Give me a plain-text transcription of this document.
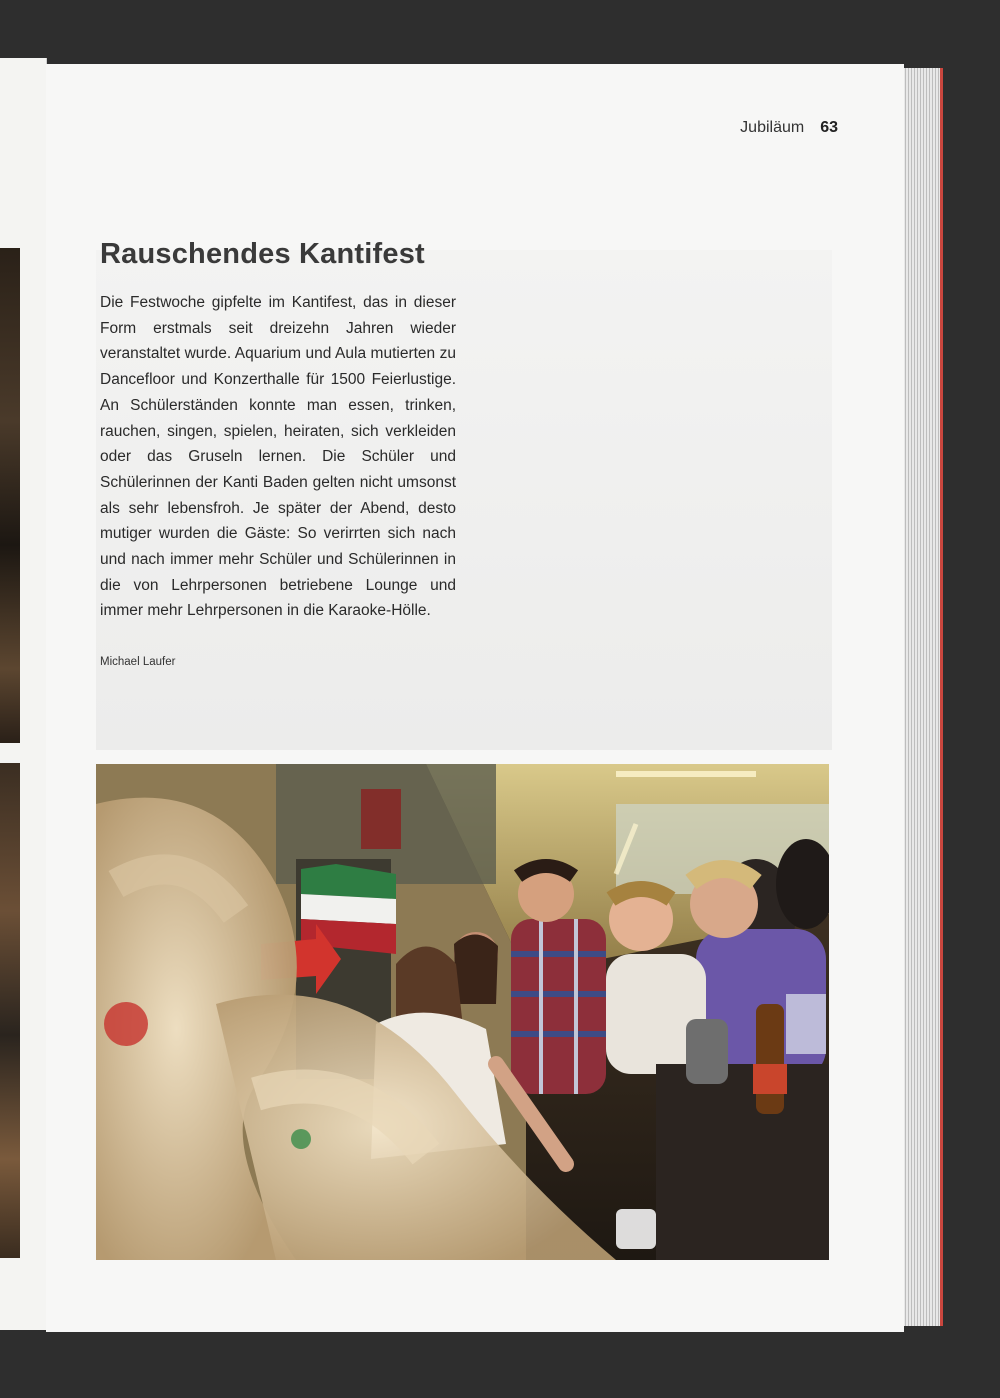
Jubiläum 63
Rauschendes Kantifest

Die Festwoche gipfelte im Kantifest, das in dieser Form erstmals seit dreizehn Jahren wieder veranstaltet wurde. Aquarium und Aula mutierten zu Dancefloor und Konzerthalle für 1500 Feierlustige. An Schülerständen konnte man essen, trinken, rauchen, singen, spielen, heiraten, sich verkleiden oder das Gruseln lernen. Die Schüler und Schülerinnen der Kanti Baden gelten nicht umsonst als sehr lebensfroh. Je später der Abend, desto mutiger wurden die Gäste: So verirrten sich nach und nach immer mehr Schüler und Schülerinnen in die von Lehrpersonen betriebene Lounge und immer mehr Lehrpersonen in die Karaoke-Hölle.

Michael Laufer
